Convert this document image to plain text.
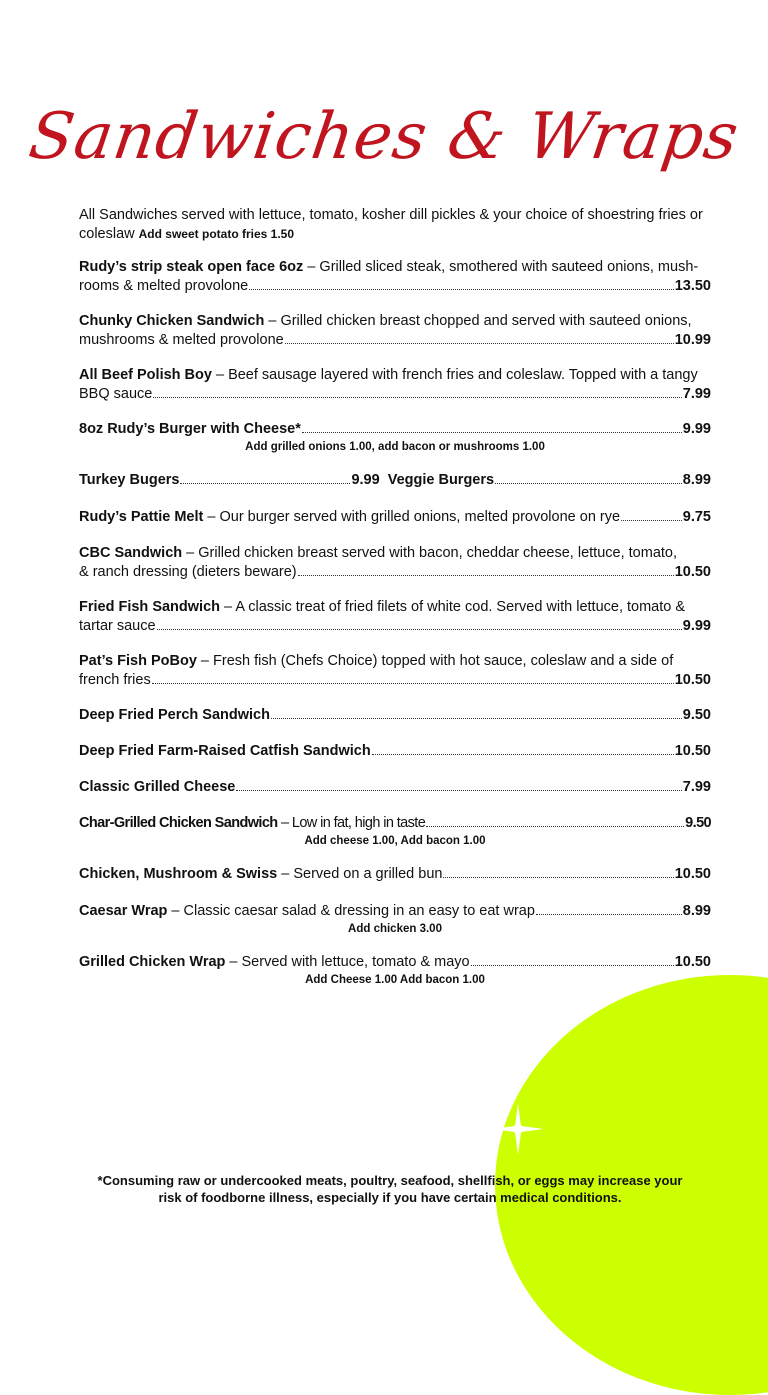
Sandwiches & Wraps
All Sandwiches served with lettuce, tomato, kosher dill pickles & your choice of shoestring fries or coleslaw Add sweet potato fries 1.50
Rudy’s strip steak open face 6oz – Grilled sliced steak, smothered with sauteed onions, mush-
rooms & melted provolone	13.50
Chunky Chicken Sandwich – Grilled chicken breast chopped and served with sauteed onions,
mushrooms & melted provolone	10.99
All Beef Polish Boy – Beef sausage layered with french fries and coleslaw. Topped with a tangy
BBQ sauce	7.99
8oz Rudy’s Burger with Cheese*	9.99
Add grilled onions 1.00, add bacon or mushrooms 1.00
Turkey Bugers	9.99 Veggie Burgers	8.99
Rudy’s Pattie Melt – Our burger served with grilled onions, melted provolone on rye	9.75
CBC Sandwich – Grilled chicken breast served with bacon, cheddar cheese, lettuce, tomato,
& ranch dressing (dieters beware)	10.50
Fried Fish Sandwich – A classic treat of fried filets of white cod. Served with lettuce, tomato &
tartar sauce	9.99
Pat’s Fish PoBoy – Fresh fish (Chefs Choice) topped with hot sauce, coleslaw and a side of
french fries	10.50
Deep Fried Perch Sandwich	9.50
Deep Fried Farm-Raised Catfish Sandwich	10.50
Classic Grilled Cheese	7.99
Char-Grilled Chicken Sandwich – Low in fat, high in taste	9.50
Add cheese 1.00, Add bacon 1.00
Chicken, Mushroom & Swiss – Served on a grilled bun	10.50
Caesar Wrap – Classic caesar salad & dressing in an easy to eat wrap	8.99
Add chicken 3.00
Grilled Chicken Wrap – Served with lettuce, tomato & mayo	10.50
Add Cheese 1.00 Add bacon 1.00
*Consuming raw or undercooked meats, poultry, seafood, shellfish, or eggs may increase your
risk of foodborne illness, especially if you have certain medical conditions.
